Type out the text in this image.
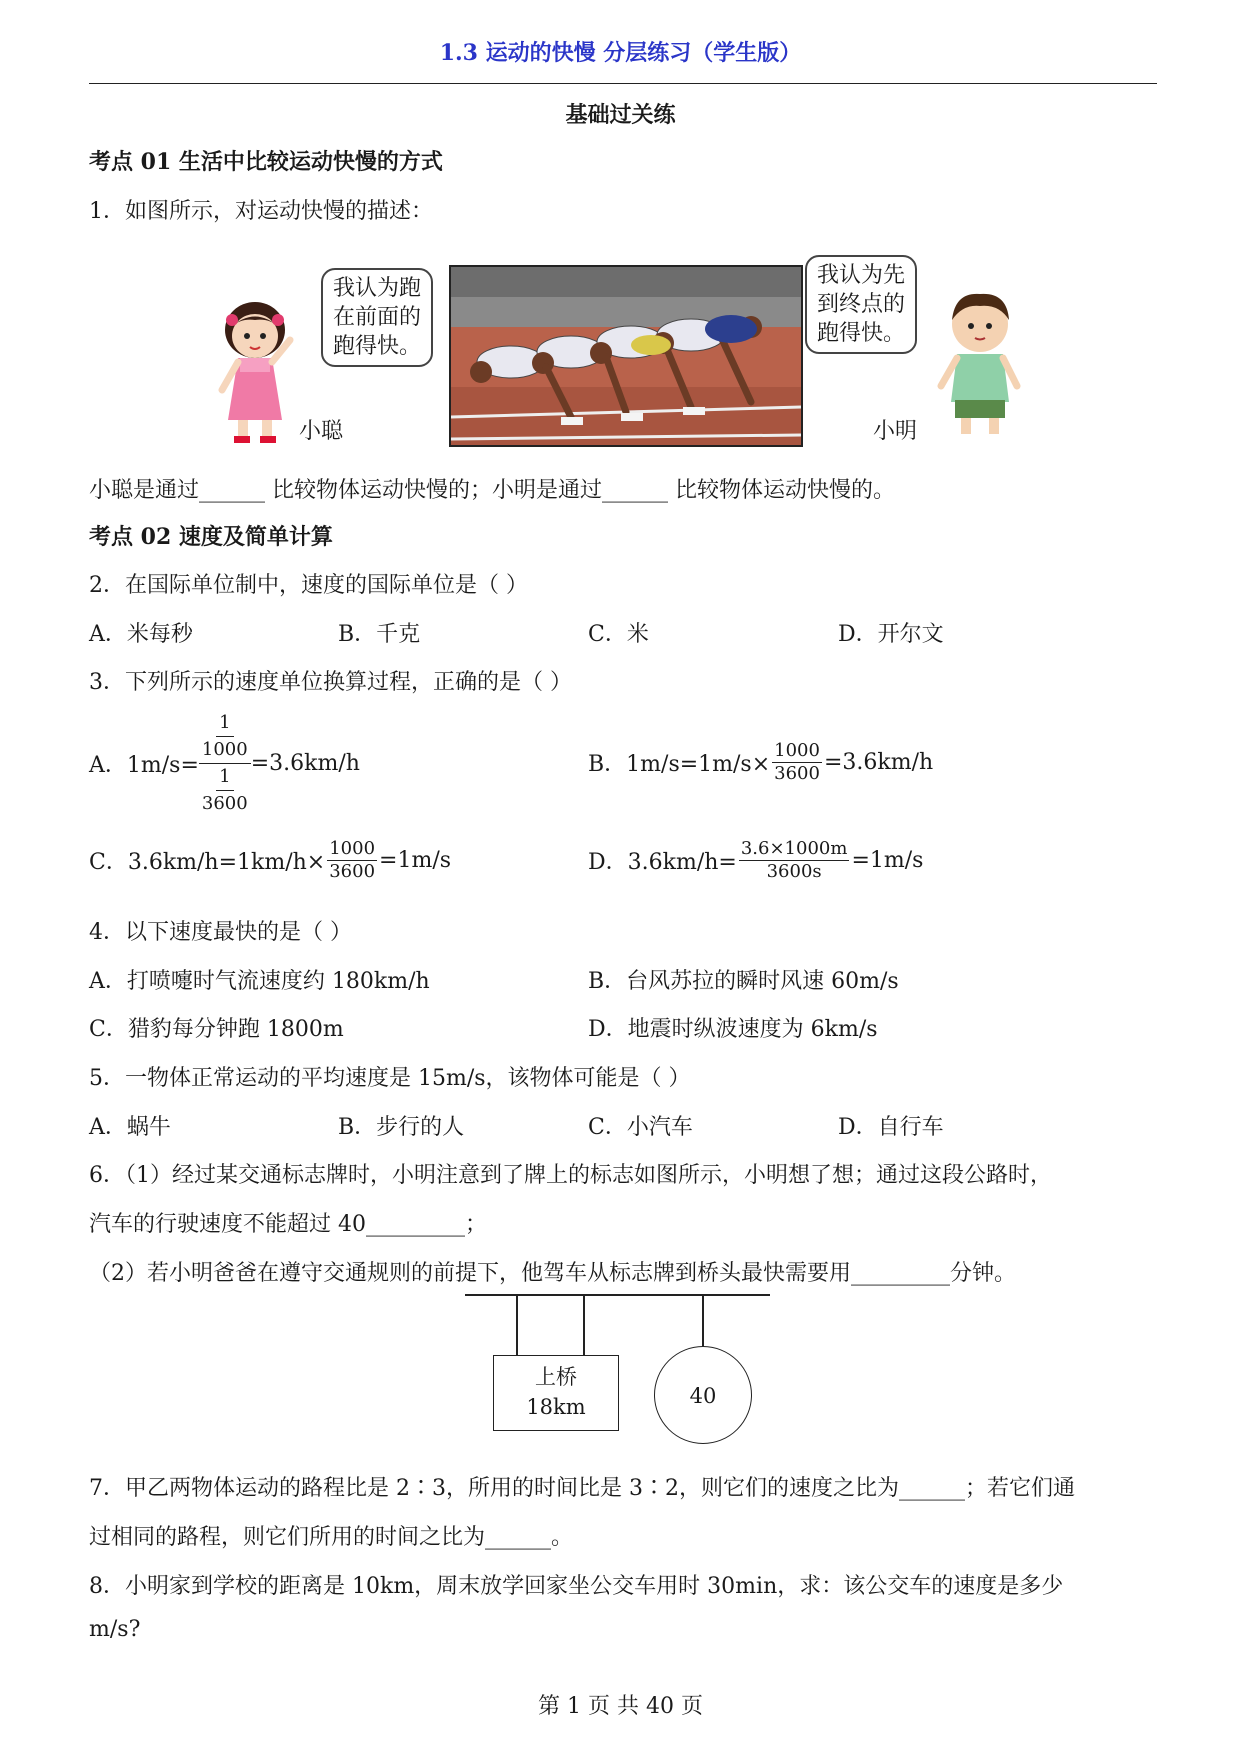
1.3 运动的快慢 分层练习（学生版）
基础过关练
考点 01 生活中比较运动快慢的方式
1．如图所示，对运动快慢的描述：
我认为跑
在前面的
跑得快。
我认为先
到终点的
跑得快。
小聪	小明
小聪是通过______ 比较物体运动快慢的；小明是通过______ 比较物体运动快慢的。
考点 02 速度及简单计算
2．在国际单位制中，速度的国际单位是（ ）
A．米每秒	B．千克	C．米	D．开尔文
3．下列所示的速度单位换算过程，正确的是（ ）
A．1m/s=
1
1000
1
3600
=3.6km/h	B．$1m/s=1m/s\times \frac{1000}{3600} =3.6km/h$
C．$3.6km/h=1km/h\times \frac{1000}{3600} =1m/s$	D．$3.6km/h= \frac{3.6\times 1000m}{3600s} =1m/s$
4．以下速度最快的是（ ）
A．打喷嚏时气流速度约 180km/h	B．台风苏拉的瞬时风速 60m/s
C．猎豹每分钟跑 1800m	D．地震时纵波速度为 6km/s
5．一物体正常运动的平均速度是 15m/s，该物体可能是（ ）
A．蜗牛	B．步行的人	C．小汽车	D．自行车
6．（1）经过某交通标志牌时，小明注意到了牌上的标志如图所示，小明想了想；通过这段公路时，
汽车的行驶速度不能超过 40_________；
（2）若小明爸爸在遵守交通规则的前提下，他驾车从标志牌到桥头最快需要用_________分钟。
上桥
18km	40
7．甲乙两物体运动的路程比是 2∶3，所用的时间比是 3∶2，则它们的速度之比为______；若它们通
过相同的路程，则它们所用的时间之比为______。
8．小明家到学校的距离是 10km，周末放学回家坐公交车用时 30min，求：该公交车的速度是多少
m/s?
第 1 页 共 40 页
